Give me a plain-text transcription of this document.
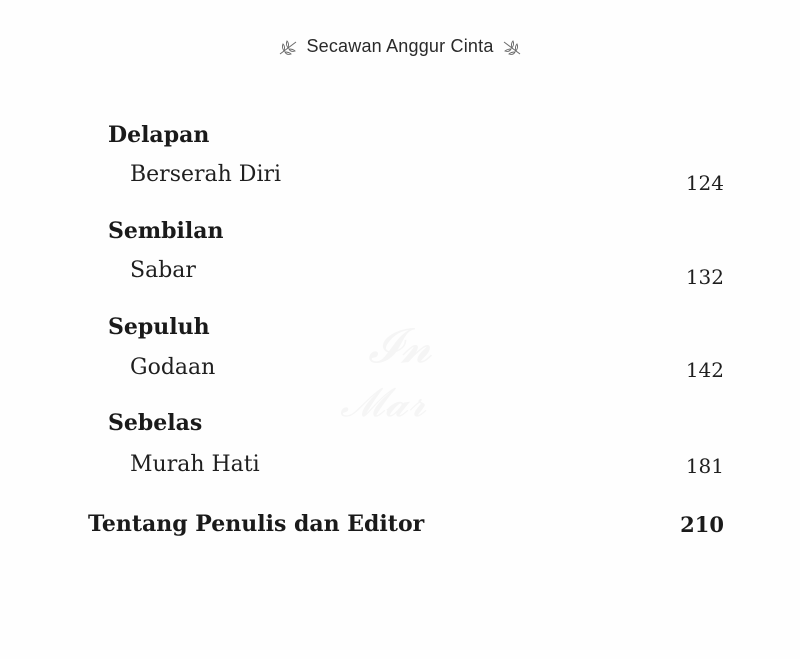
Secawan Anggur Cinta
Delapan
Berserah Diri	124
Sembilan
Sabar	132
Sepuluh
Godaan	142
Sebelas
Murah Hati	181
Tentang Penulis dan Editor	210
